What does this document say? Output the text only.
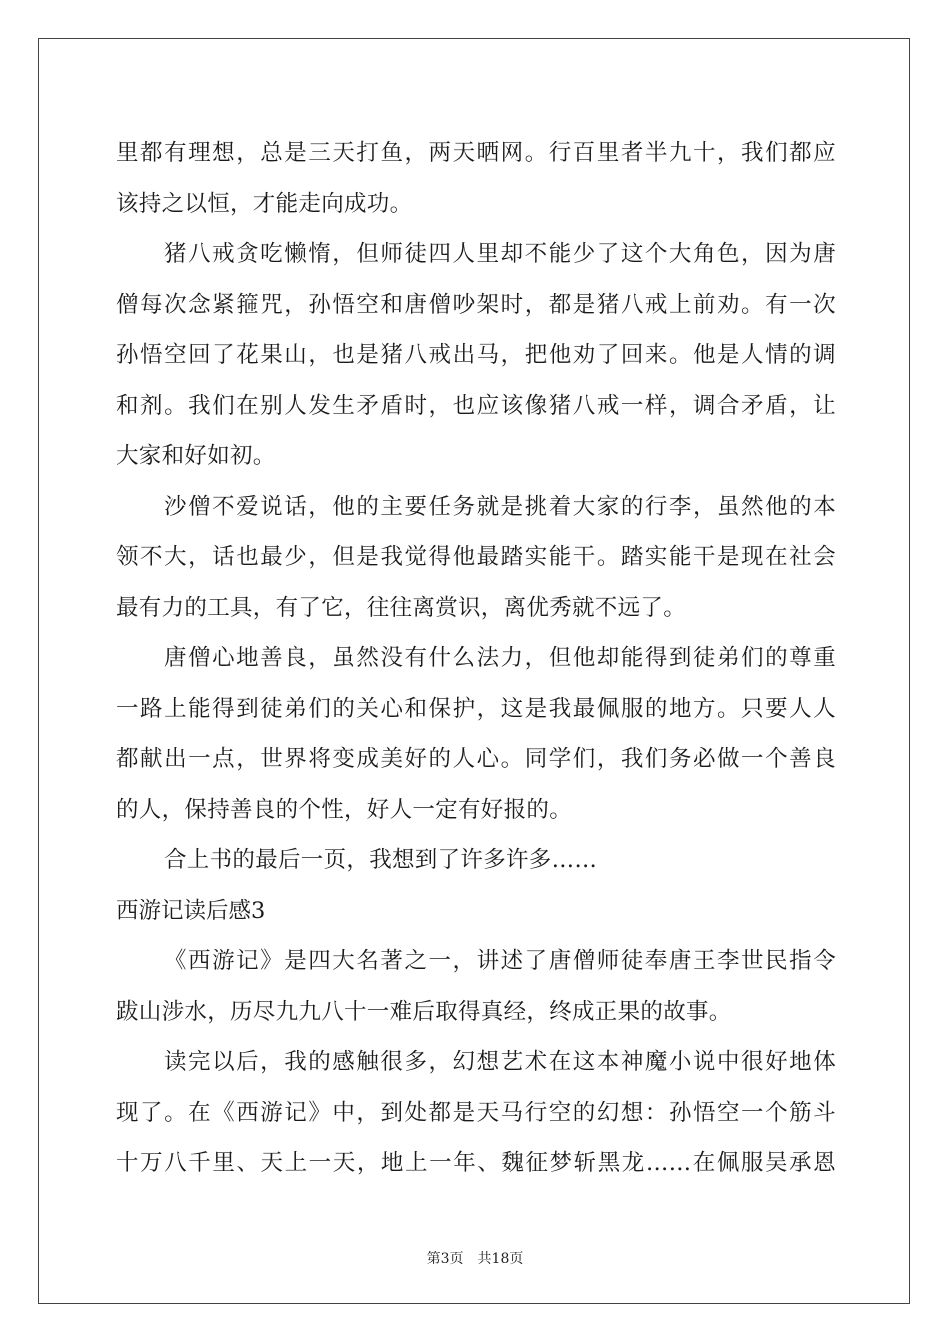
里都有理想，总是三天打鱼，两天晒网。行百里者半九十，我们都应
该持之以恒，才能走向成功。
猪八戒贪吃懒惰，但师徒四人里却不能少了这个大角色，因为唐
僧每次念紧箍咒，孙悟空和唐僧吵架时，都是猪八戒上前劝。有一次
孙悟空回了花果山，也是猪八戒出马，把他劝了回来。他是人情的调
和剂。我们在别人发生矛盾时，也应该像猪八戒一样，调合矛盾，让
大家和好如初。
沙僧不爱说话，他的主要任务就是挑着大家的行李，虽然他的本
领不大，话也最少，但是我觉得他最踏实能干。踏实能干是现在社会
最有力的工具，有了它，往往离赏识，离优秀就不远了。
唐僧心地善良，虽然没有什么法力，但他却能得到徒弟们的尊重
一路上能得到徒弟们的关心和保护，这是我最佩服的地方。只要人人
都献出一点，世界将变成美好的人心。同学们，我们务必做一个善良
的人，保持善良的个性，好人一定有好报的。
合上书的最后一页，我想到了许多许多……
西游记读后感3
《西游记》是四大名著之一，讲述了唐僧师徒奉唐王李世民指令
跋山涉水，历尽九九八十一难后取得真经，终成正果的故事。
读完以后，我的感触很多，幻想艺术在这本神魔小说中很好地体
现了。在《西游记》中，到处都是天马行空的幻想：孙悟空一个筋斗
十万八千里、天上一天，地上一年、魏征梦斩黑龙……在佩服吴承恩
第3页 共18页
